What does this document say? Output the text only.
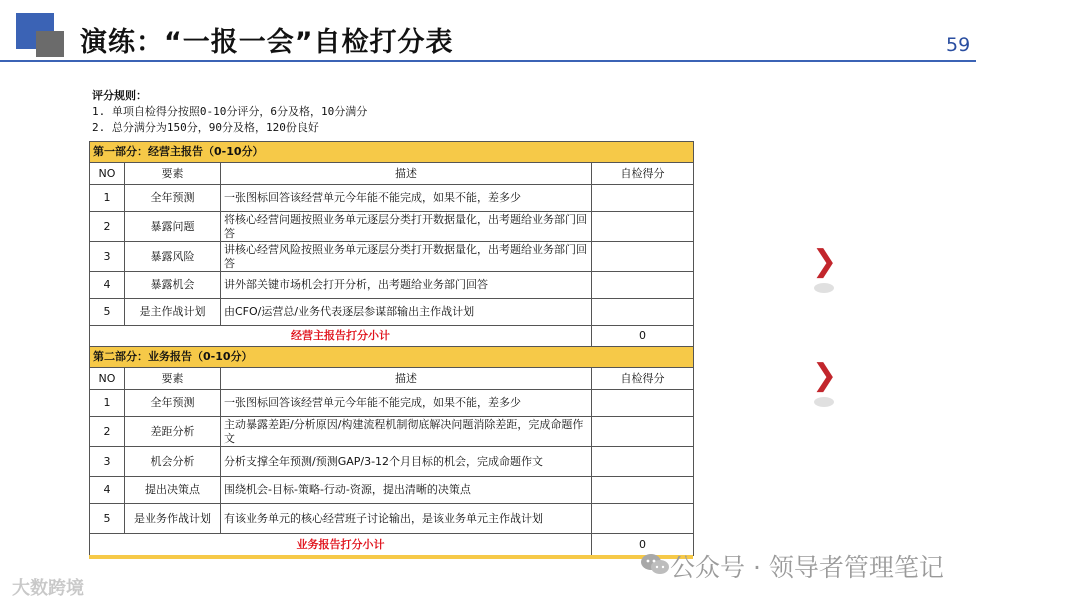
演练：“一报一会”自检打分表	59
评分规则：
1. 单项自检得分按照0-10分评分，6分及格，10分满分
2. 总分满分为150分，90分及格，120份良好
第一部分：经营主报告（0-10分）			
NO	要素	描述	自检得分
1	全年预测	一张图标回答该经营单元今年能不能完成，如果不能，差多少	
2	暴露问题	将核心经营问题按照业务单元逐层分类打开数据量化，出考题给业务部门回答	
3	暴露风险	讲核心经营风险按照业务单元逐层分类打开数据量化，出考题给业务部门回答	
4	暴露机会	讲外部关键市场机会打开分析，出考题给业务部门回答	
5	是主作战计划	由CFO/运营总/业务代表逐层参谋部输出主作战计划	
经营主报告打分小计			0
第二部分：业务报告（0-10分）			
NO	要素	描述	自检得分
1	全年预测	一张图标回答该经营单元今年能不能完成，如果不能，差多少	
2	差距分析	主动暴露差距/分析原因/构建流程机制彻底解决问题消除差距，完成命题作文	
3	机会分析	分析支撑全年预测/预测GAP/3-12个月目标的机会，完成命题作文	
4	提出决策点	围绕机会-目标-策略-行动-资源，提出清晰的决策点	
5	是业务作战计划	有该业务单元的核心经营班子讨论输出，是该业务单元主作战计划	
业务报告打分小计			0
❯
❯
公众号 · 领导者管理笔记
大数跨境
